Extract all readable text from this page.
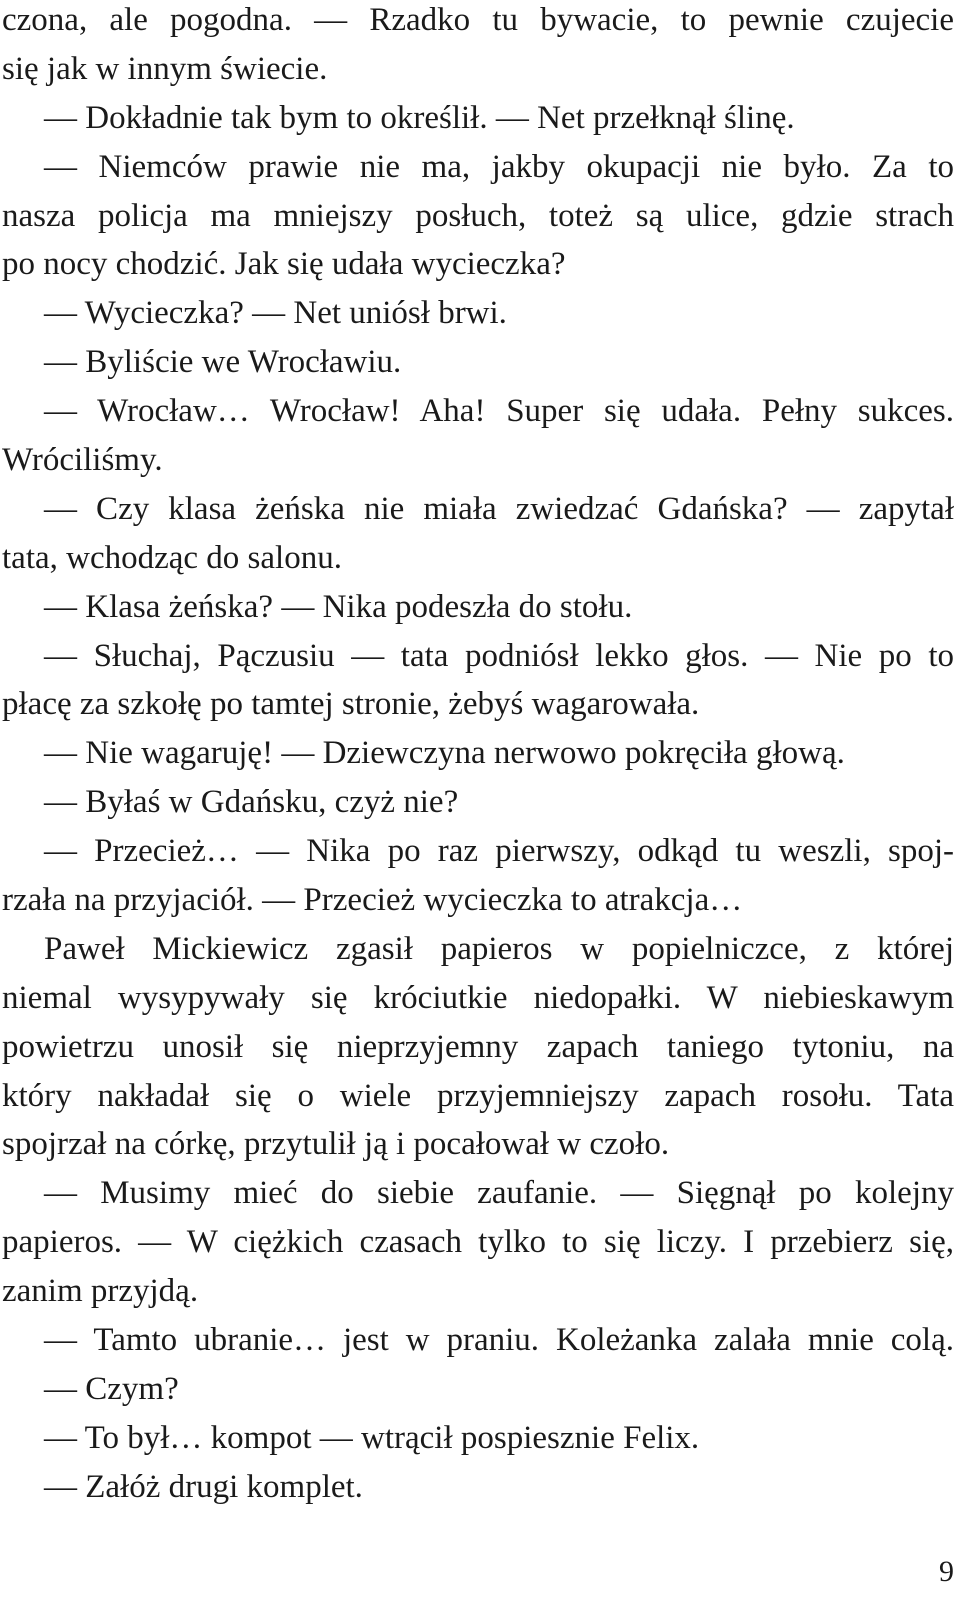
czona, ale pogodna. — Rzadko tu bywacie, to pewnie czujecie
się jak w innym świecie.
— Dokładnie tak bym to określił. — Net przełknął ślinę.
— Niemców prawie nie ma, jakby okupacji nie było. Za to
nasza policja ma mniejszy posłuch, toteż są ulice, gdzie strach
po nocy chodzić. Jak się udała wycieczka?
— Wycieczka? — Net uniósł brwi.
— Byliście we Wrocławiu.
— Wrocław… Wrocław! Aha! Super się udała. Pełny sukces.
Wróciliśmy.
— Czy klasa żeńska nie miała zwiedzać Gdańska? — zapytał
tata, wchodząc do salonu.
— Klasa żeńska? — Nika podeszła do stołu.
— Słuchaj, Pączusiu — tata podniósł lekko głos. — Nie po to
płacę za szkołę po tamtej stronie, żebyś wagarowała.
— Nie wagaruję! — Dziewczyna nerwowo pokręciła głową.
— Byłaś w Gdańsku, czyż nie?
— Przecież… — Nika po raz pierwszy, odkąd tu weszli, spoj-
rzała na przyjaciół. — Przecież wycieczka to atrakcja…
Paweł Mickiewicz zgasił papieros w popielniczce, z której
niemal wysypywały się króciutkie niedopałki. W niebieskawym
powietrzu unosił się nieprzyjemny zapach taniego tytoniu, na
który nakładał się o wiele przyjemniejszy zapach rosołu. Tata
spojrzał na córkę, przytulił ją i pocałował w czoło.
— Musimy mieć do siebie zaufanie. — Sięgnął po kolejny
papieros. — W ciężkich czasach tylko to się liczy. I przebierz się,
zanim przyjdą.
— Tamto ubranie… jest w praniu. Koleżanka zalała mnie colą.
— Czym?
— To był… kompot — wtrącił pospiesznie Felix.
— Załóż drugi komplet.
9
